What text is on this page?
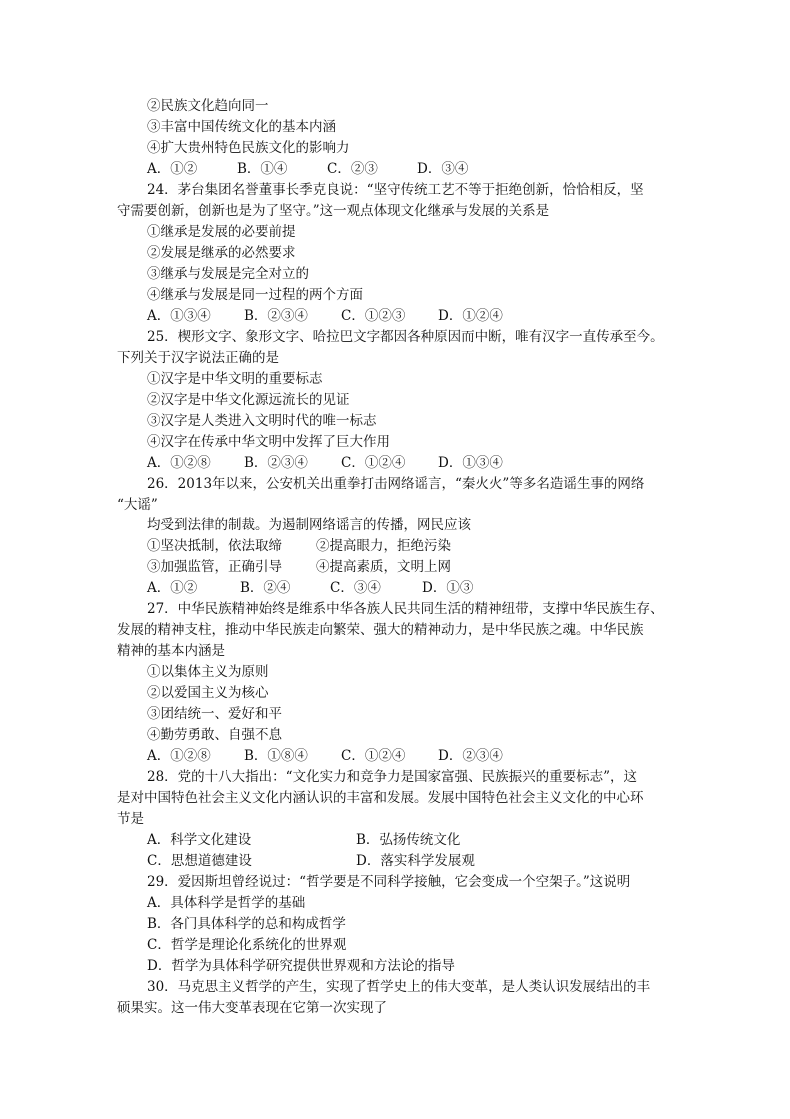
②民族文化趋向同一
③丰富中国传统文化的基本内涵
④扩大贵州特色民族文化的影响力
A．①②	B．①④	C．②③	D．③④
24．茅台集团名誉董事长季克良说：“坚守传统工艺不等于拒绝创新，恰恰相反，坚
守需要创新，创新也是为了坚守。”这一观点体现文化继承与发展的关系是
①继承是发展的必要前提
②发展是继承的必然要求
③继承与发展是完全对立的
④继承与发展是同一过程的两个方面
A．①③④ B．②③④ C．①②③ D．①②④
25．楔形文字、象形文字、哈拉巴文字都因各种原因而中断，唯有汉字一直传承至今。
下列关于汉字说法正确的是
①汉字是中华文明的重要标志
②汉字是中华文化源远流长的见证
③汉字是人类进入文明时代的唯一标志
④汉字在传承中华文明中发挥了巨大作用
A．①②⑧ B．②③④ C．①②④ D．①③④
26．2013年以来，公安机关出重拳打击网络谣言，“秦火火”等多名造谣生事的网络
“大谣”
均受到法律的制裁。为遏制网络谣言的传播，网民应该
①坚决抵制，依法取缔	②提高眼力，拒绝污染
③加强监管，正确引导	④提高素质，文明上网
A．①②	B．②④	C．③④	D．①③
27．中华民族精神始终是维系中华各族人民共同生活的精神纽带，支撑中华民族生存、
发展的精神支柱，推动中华民族走向繁荣、强大的精神动力，是中华民族之魂。中华民族
精神的基本内涵是
①以集体主义为原则
②以爱国主义为核心
③团结统一、爱好和平
④勤劳勇敢、自强不息
A．①②⑧ B．①⑧④ C．①②④ D．②③④
28．党的十八大指出：“文化实力和竞争力是国家富强、民族振兴的重要标志”，这
是对中国特色社会主义文化内涵认识的丰富和发展。发展中国特色社会主义文化的中心环
节是
A．科学文化建设	B．弘扬传统文化
C．思想道德建设	D．落实科学发展观
29．爱因斯坦曾经说过：“哲学要是不同科学接触，它会变成一个空架子。”这说明
A．具体科学是哲学的基础
B．各门具体科学的总和构成哲学
C．哲学是理论化系统化的世界观
D．哲学为具体科学研究提供世界观和方法论的指导
30．马克思主义哲学的产生，实现了哲学史上的伟大变革，是人类认识发展结出的丰
硕果实。这一伟大变革表现在它第一次实现了
